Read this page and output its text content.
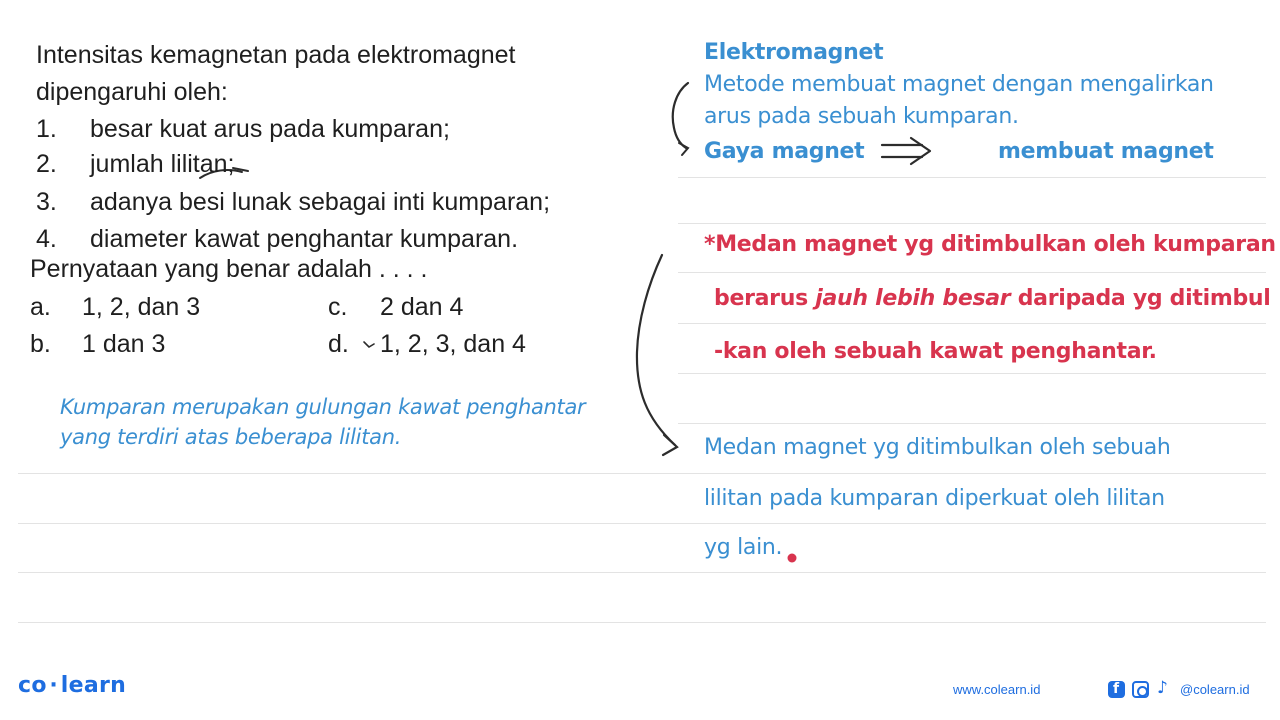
Intensitas kemagnetan pada elektromagnet
dipengaruhi oleh:
1. besar kuat arus pada kumparan;
2. jumlah lilitan;
3. adanya besi lunak sebagai inti kumparan;
4. diameter kawat penghantar kumparan.
Pernyataan yang benar adalah . . . .
a. 1, 2, dan 3	c. 2 dan 4
b. 1 dan 3	d. 1, 2, 3, dan 4
Kumparan merupakan gulungan kawat penghantar
yang terdiri atas beberapa lilitan.
Elektromagnet
Metode membuat magnet dengan mengalirkan
arus pada sebuah kumparan.
Gaya magnet	membuat magnet
*Medan magnet yg ditimbulkan oleh kumparan
berarus jauh lebih besar daripada yg ditimbul
-kan oleh sebuah kawat penghantar.
Medan magnet yg ditimbulkan oleh sebuah
lilitan pada kumparan diperkuat oleh lilitan
yg lain.
co · learn	www.colearn.id	f ♪ @colearn.id
